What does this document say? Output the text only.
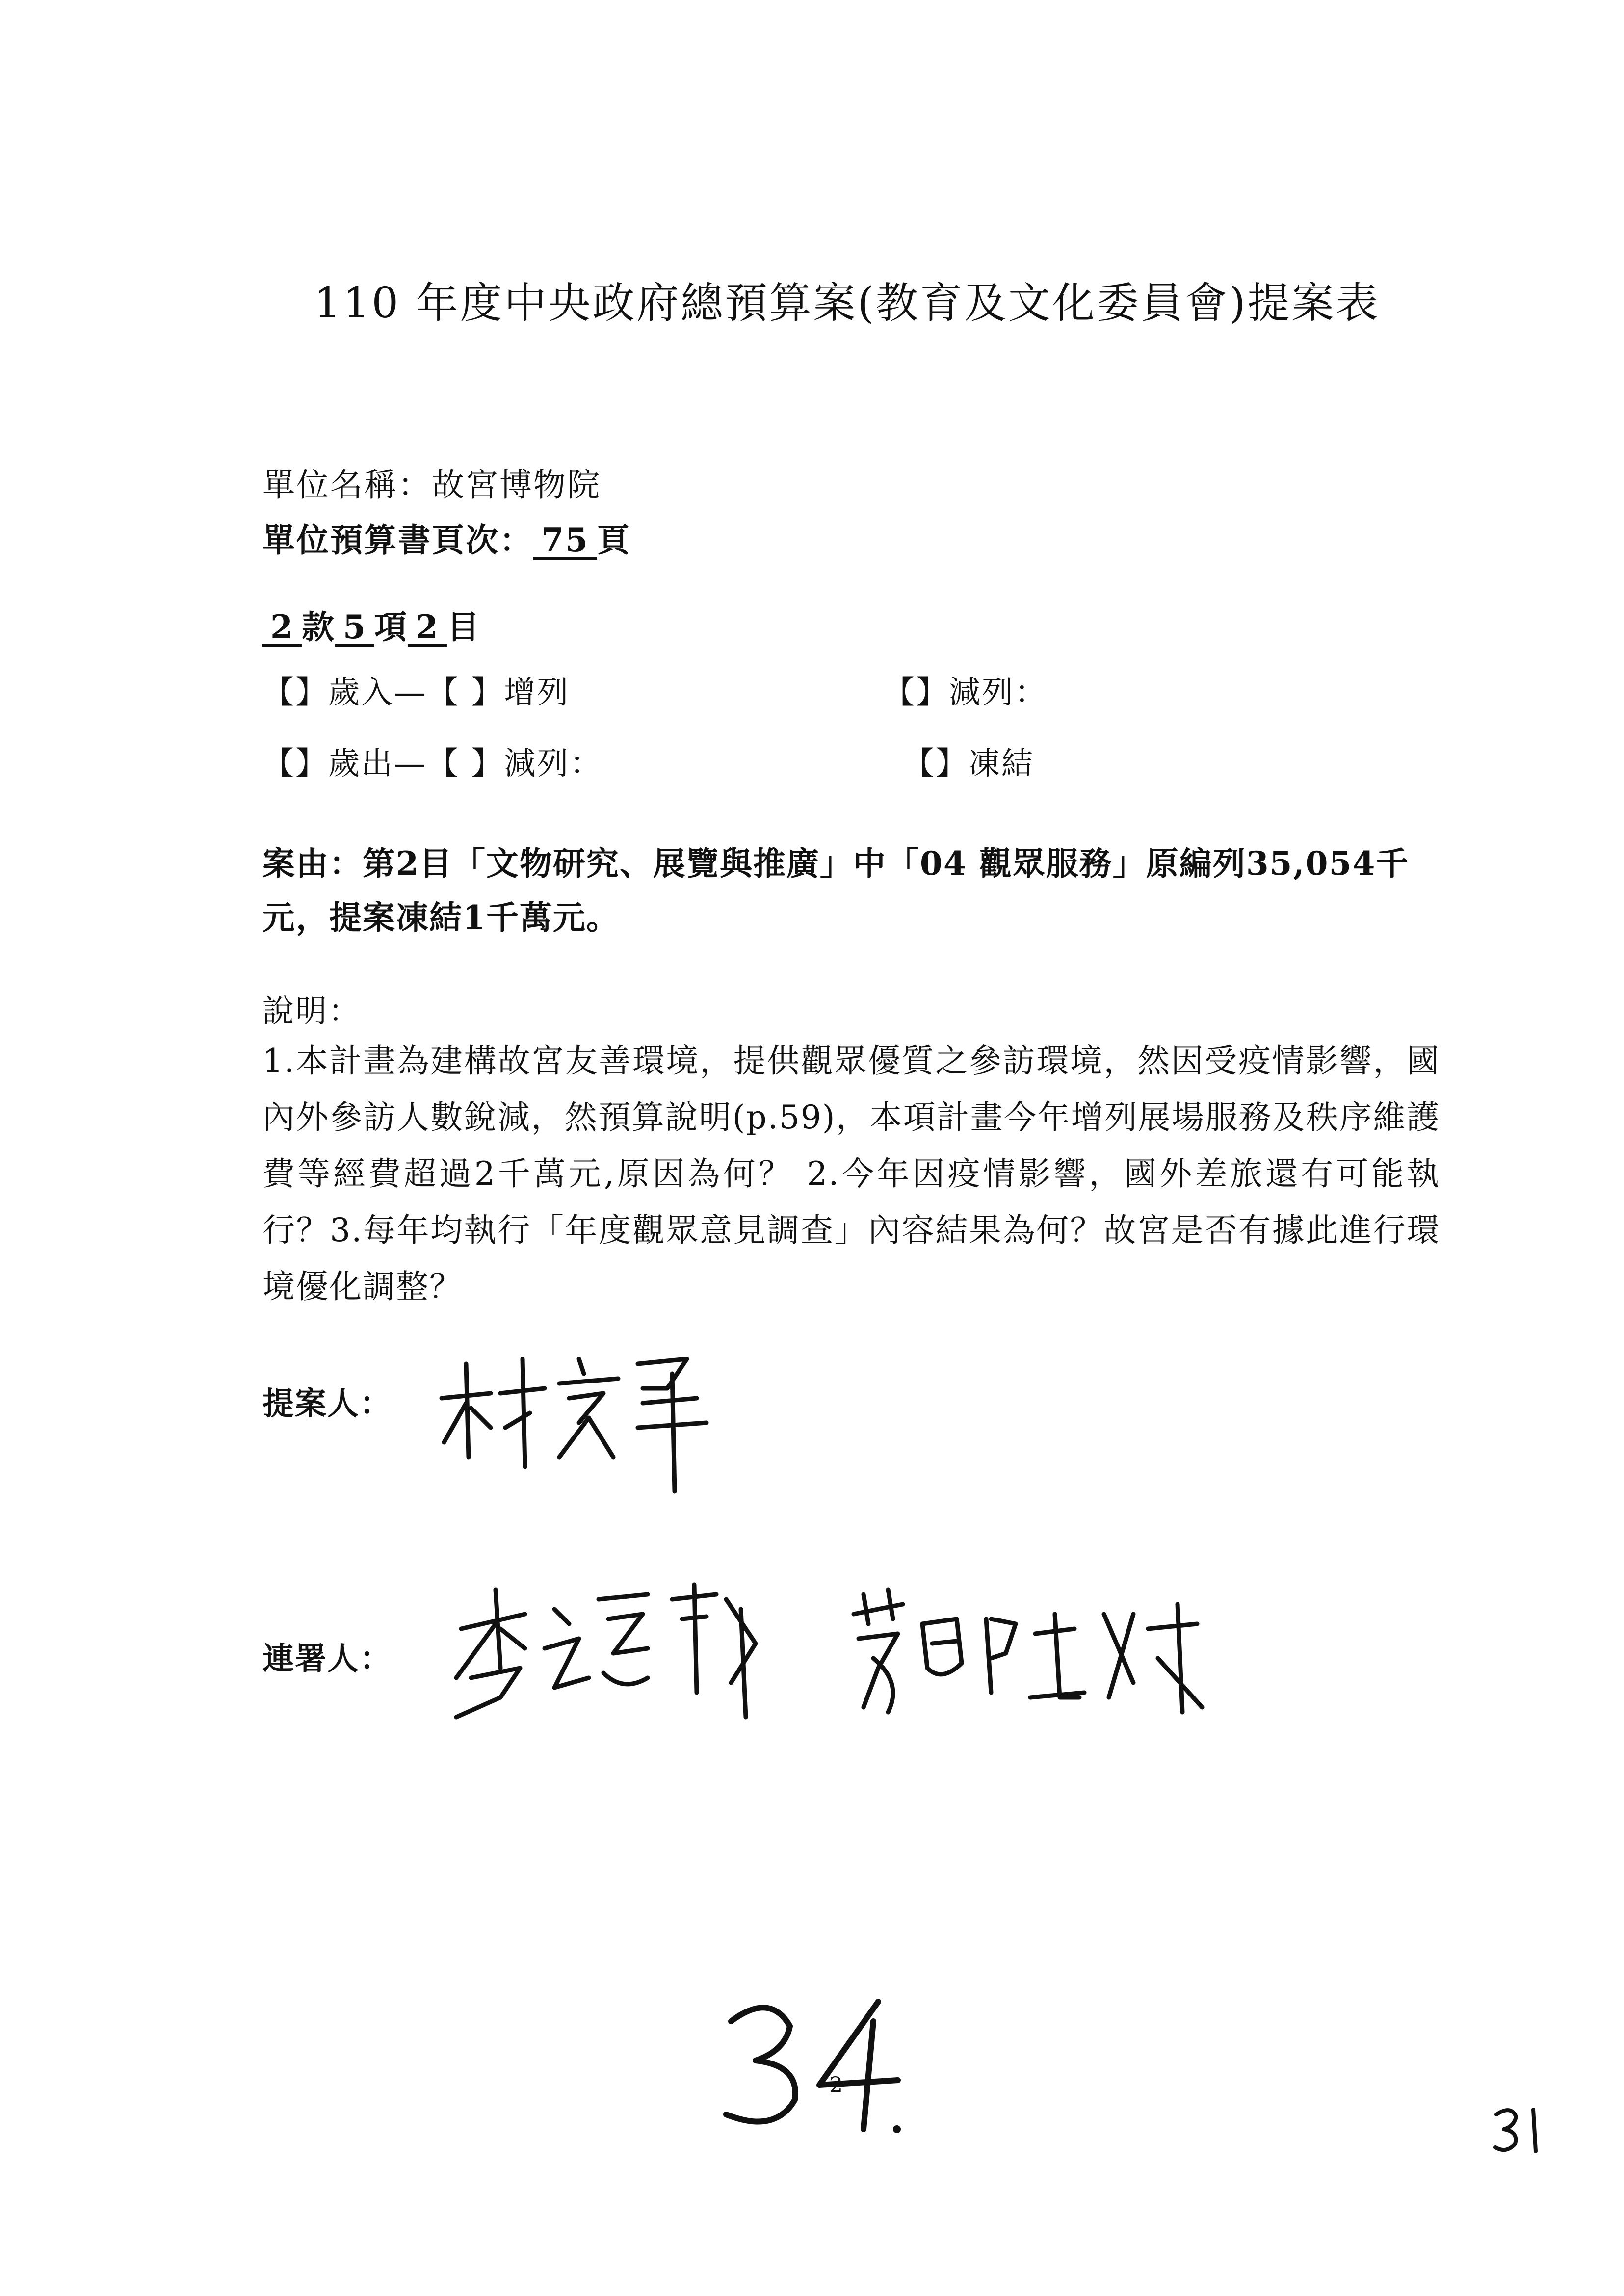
110 年度中央政府總預算案(教育及文化委員會)提案表
單位名稱：故宮博物院
單位預算書頁次： 75 頁
2 款 5 項 2 目
【】歲入—【 】增列	【】減列：
【】歲出—【 】減列：	【】凍結
案由：第2目「文物研究、展覽與推廣」中「04 觀眾服務」原編列35,054千元，提案凍結1千萬元。
說明：
1.本計畫為建構故宮友善環境，提供觀眾優質之參訪環境，然因受疫情影響，國內外參訪人數銳減，然預算說明(p.59)，本項計畫今年增列展場服務及秩序維護費等經費超過2千萬元,原因為何？ 2.今年因疫情影響，國外差旅還有可能執行？3.每年均執行「年度觀眾意見調查」內容結果為何？故宮是否有據此進行環境優化調整？
提案人：
連署人：
2
